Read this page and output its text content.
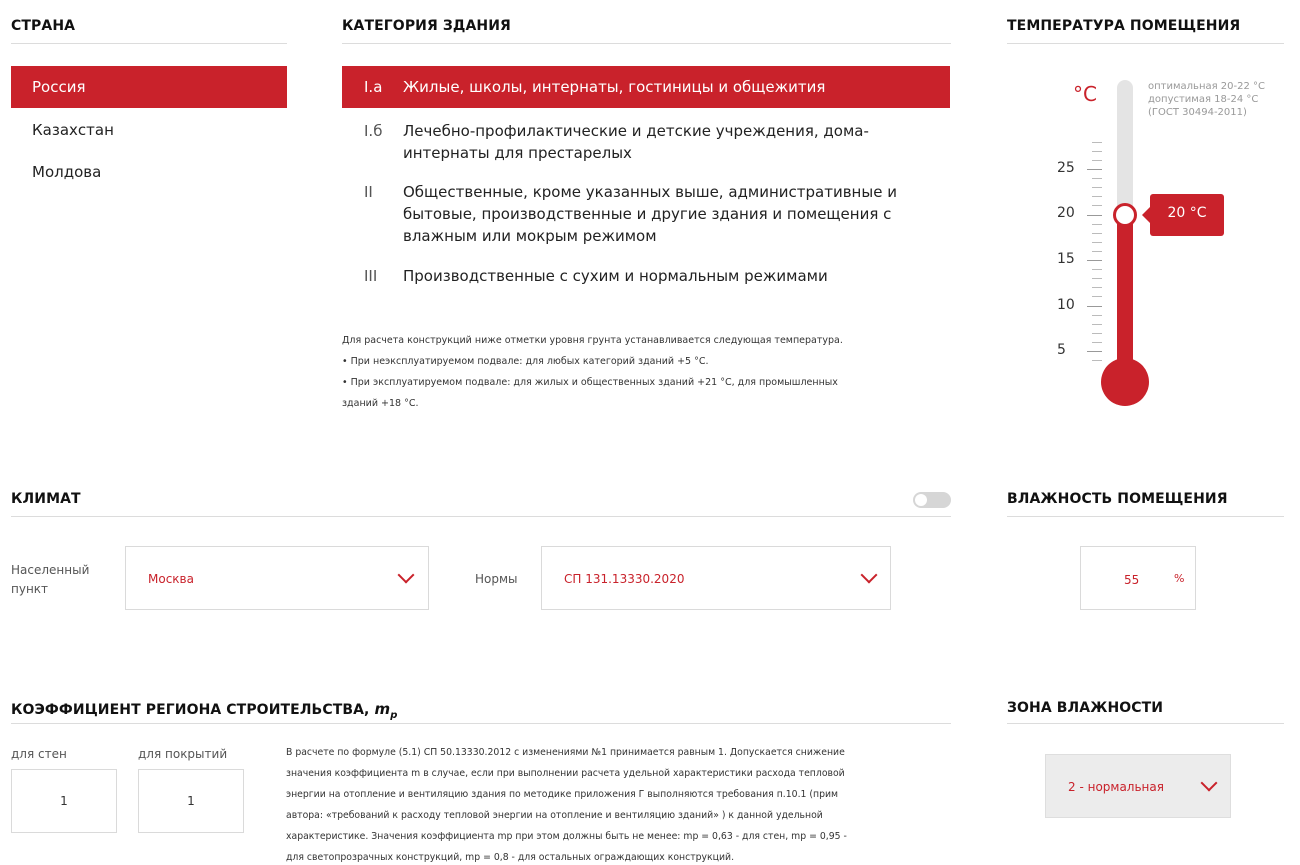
СТРАНА
Россия
Казахстан
Молдова
КАТЕГОРИЯ ЗДАНИЯ
I.а Жилые, школы, интернаты, гостиницы и общежития
I.б Лечебно-профилактические и детские учреждения, дома-интернаты для престарелых
II Общественные, кроме указанных выше, административные и бытовые, производственные и другие здания и помещения с влажным или мокрым режимом
III Производственные с сухим и нормальным режимами
Для расчета конструкций ниже отметки уровня грунта устанавливается следующая температура.
• При неэксплуатируемом подвале: для любых категорий зданий +5 °С.
• При эксплуатируемом подвале: для жилых и общественных зданий +21 °С, для промышленных
зданий +18 °С.
ТЕМПЕРАТУРА ПОМЕЩЕНИЯ
°C	оптимальная 20-22 °С
допустимая 18-24 °С
(ГОСТ 30494-2011)
25
20
15
10
5
20 °C
КЛИМАТ
Населенный
пункт
Москва	Нормы	СП 131.13330.2020
ВЛАЖНОСТЬ ПОМЕЩЕНИЯ
55	%
КОЭФФИЦИЕНТ РЕГИОНА СТРОИТЕЛЬСТВА, $m_p$
для стен
1
для покрытий
1
В расчете по формуле (5.1) СП 50.13330.2012 с изменениями №1 принимается равным 1. Допускается снижение
значения коэффициента m в случае, если при выполнении расчета удельной характеристики расхода тепловой
энергии на отопление и вентиляцию здания по методике приложения Г выполняются требования п.10.1 (прим
автора: «требований к расходу тепловой энергии на отопление и вентиляцию зданий» ) к данной удельной
характеристике. Значения коэффициента mр при этом должны быть не менее: mр = 0,63 - для стен, mр = 0,95 -
для светопрозрачных конструкций, mр = 0,8 - для остальных ограждающих конструкций.
ЗОНА ВЛАЖНОСТИ
2 - нормальная
